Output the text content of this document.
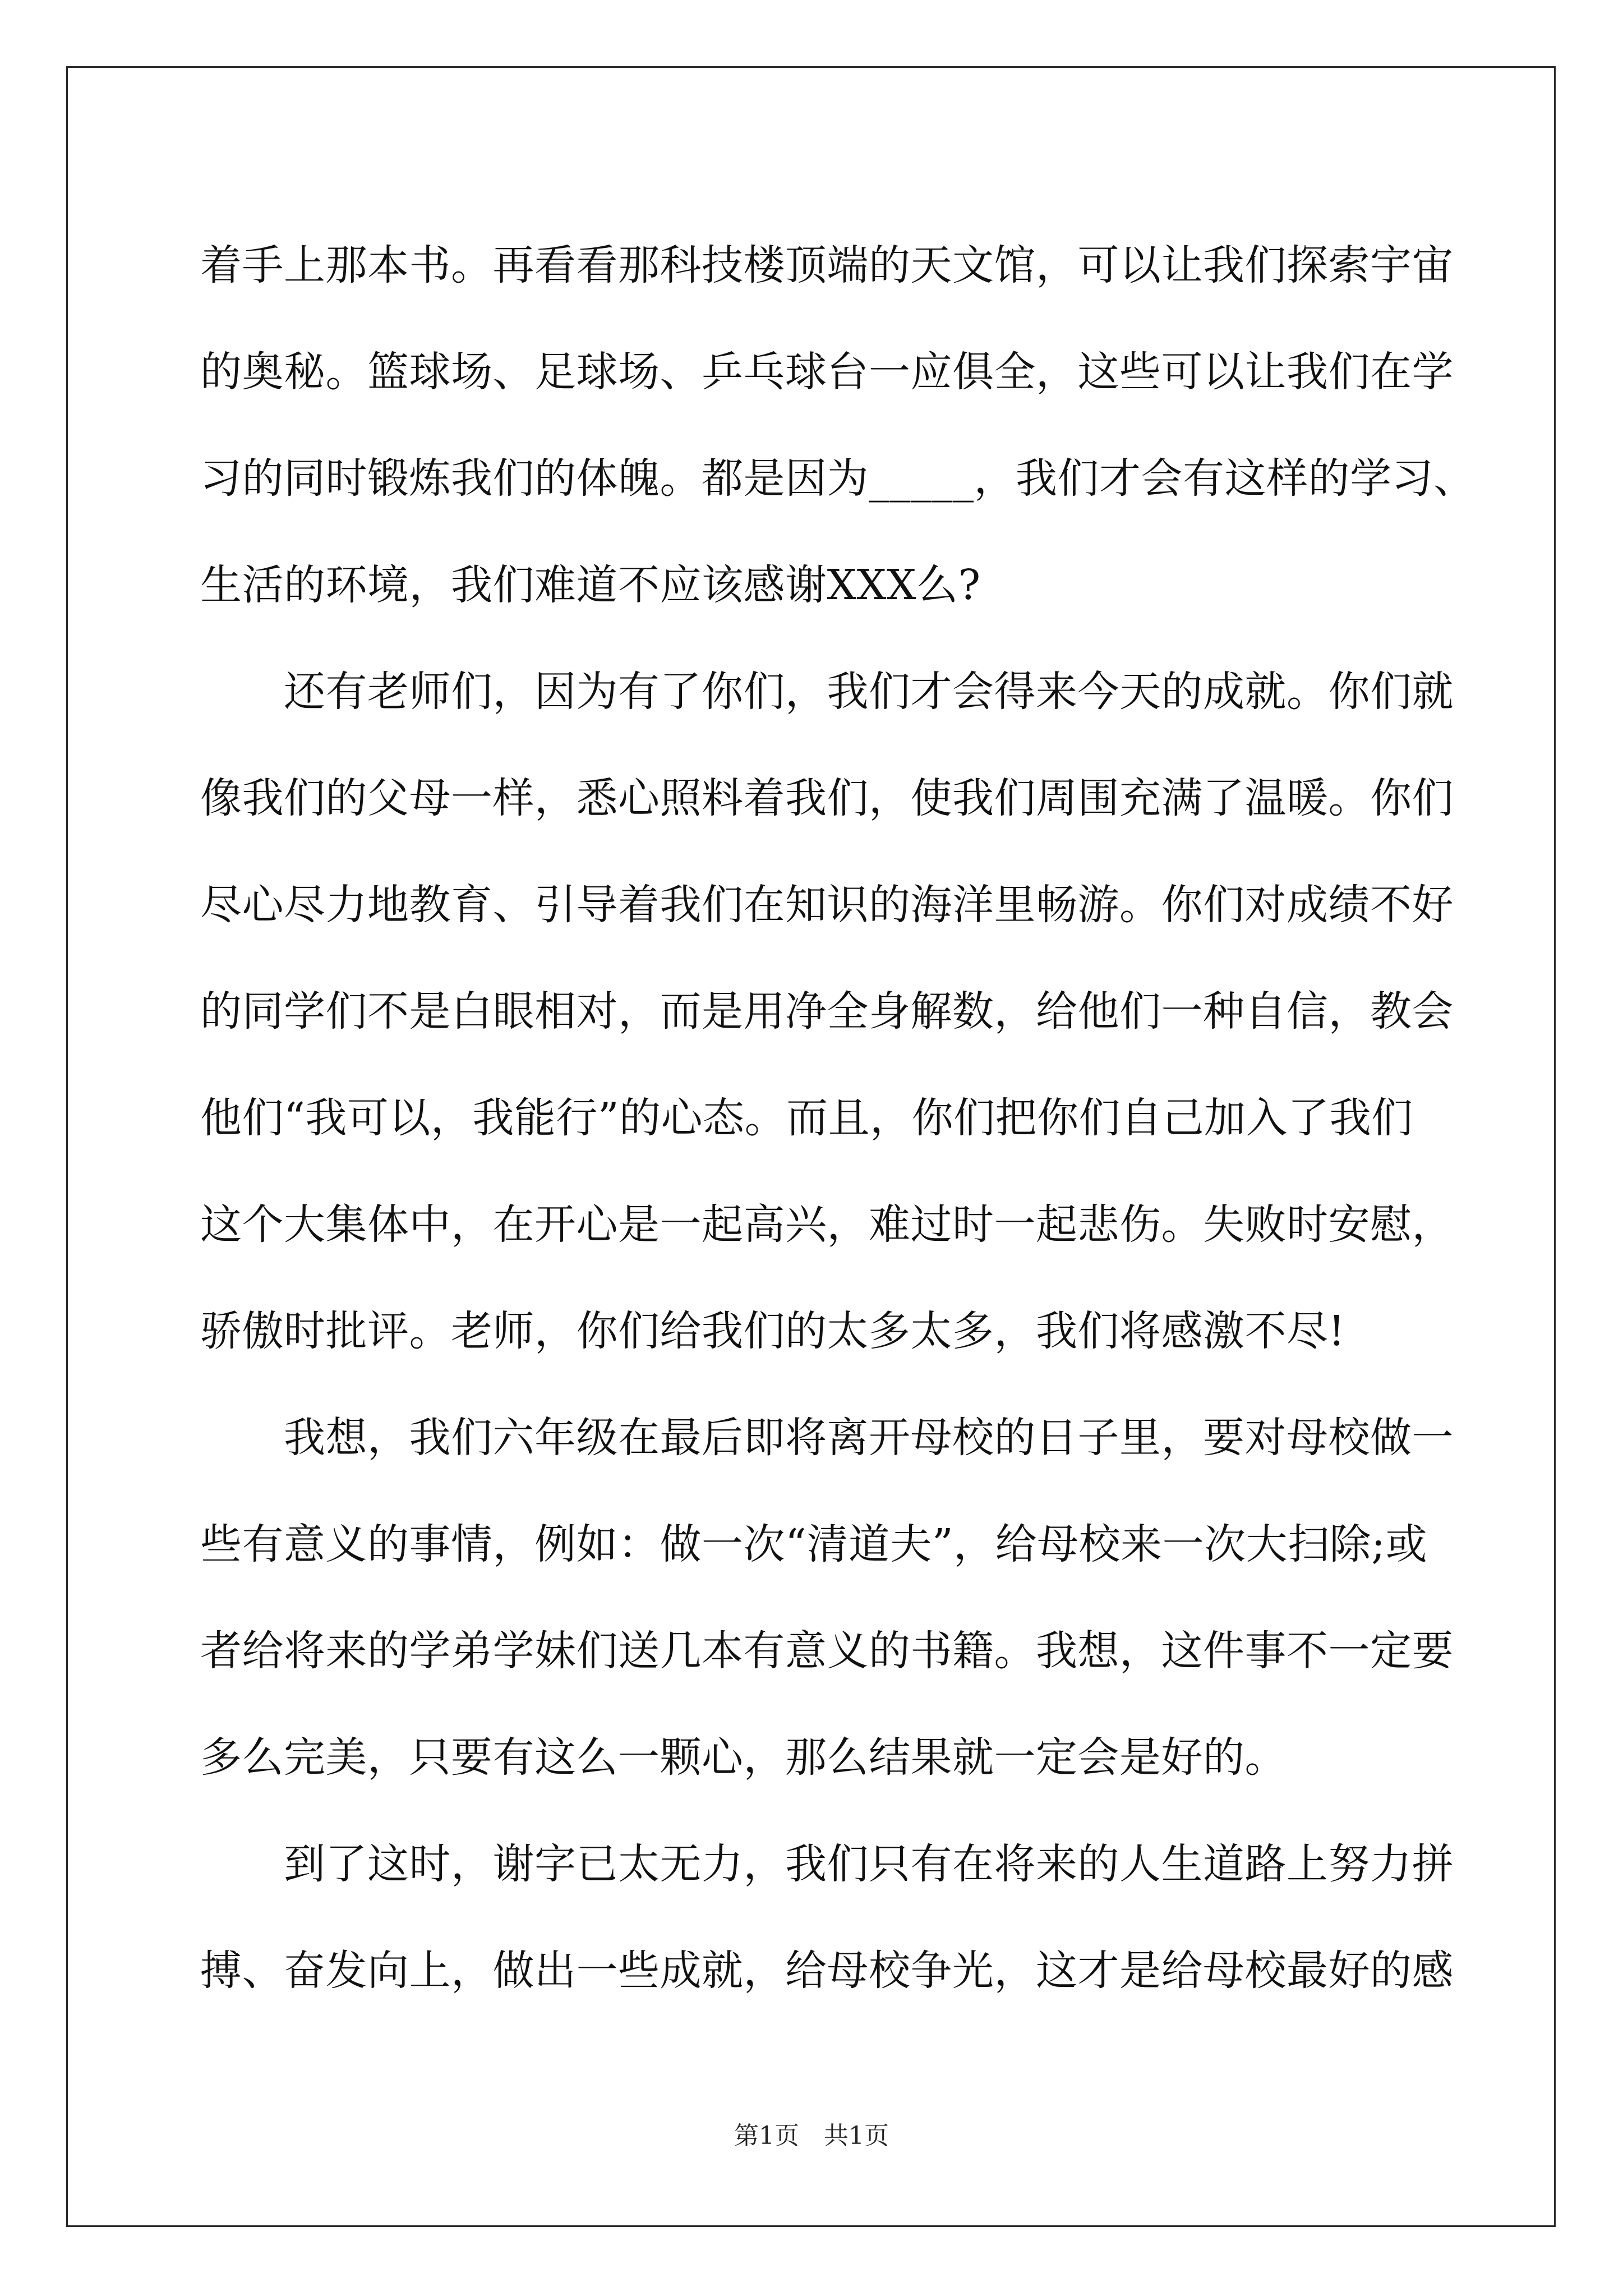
着手上那本书。再看看那科技楼顶端的天文馆，可以让我们探索宇宙
的奥秘。篮球场、足球场、乒乓球台一应俱全，这些可以让我们在学
习的同时锻炼我们的体魄。都是因为_____，我们才会有这样的学习、
生活的环境，我们难道不应该感谢XXX么?
　　还有老师们，因为有了你们，我们才会得来今天的成就。你们就
像我们的父母一样，悉心照料着我们，使我们周围充满了温暖。你们
尽心尽力地教育、引导着我们在知识的海洋里畅游。你们对成绩不好
的同学们不是白眼相对，而是用净全身解数，给他们一种自信，教会
他们“我可以，我能行”的心态。而且，你们把你们自己加入了我们
这个大集体中，在开心是一起高兴，难过时一起悲伤。失败时安慰，
骄傲时批评。老师，你们给我们的太多太多，我们将感激不尽!
　　我想，我们六年级在最后即将离开母校的日子里，要对母校做一
些有意义的事情，例如：做一次“清道夫”，给母校来一次大扫除;或
者给将来的学弟学妹们送几本有意义的书籍。我想，这件事不一定要
多么完美，只要有这么一颗心，那么结果就一定会是好的。
　　到了这时，谢字已太无力，我们只有在将来的人生道路上努力拼
搏、奋发向上，做出一些成就，给母校争光，这才是给母校最好的感
第1页　共1页
